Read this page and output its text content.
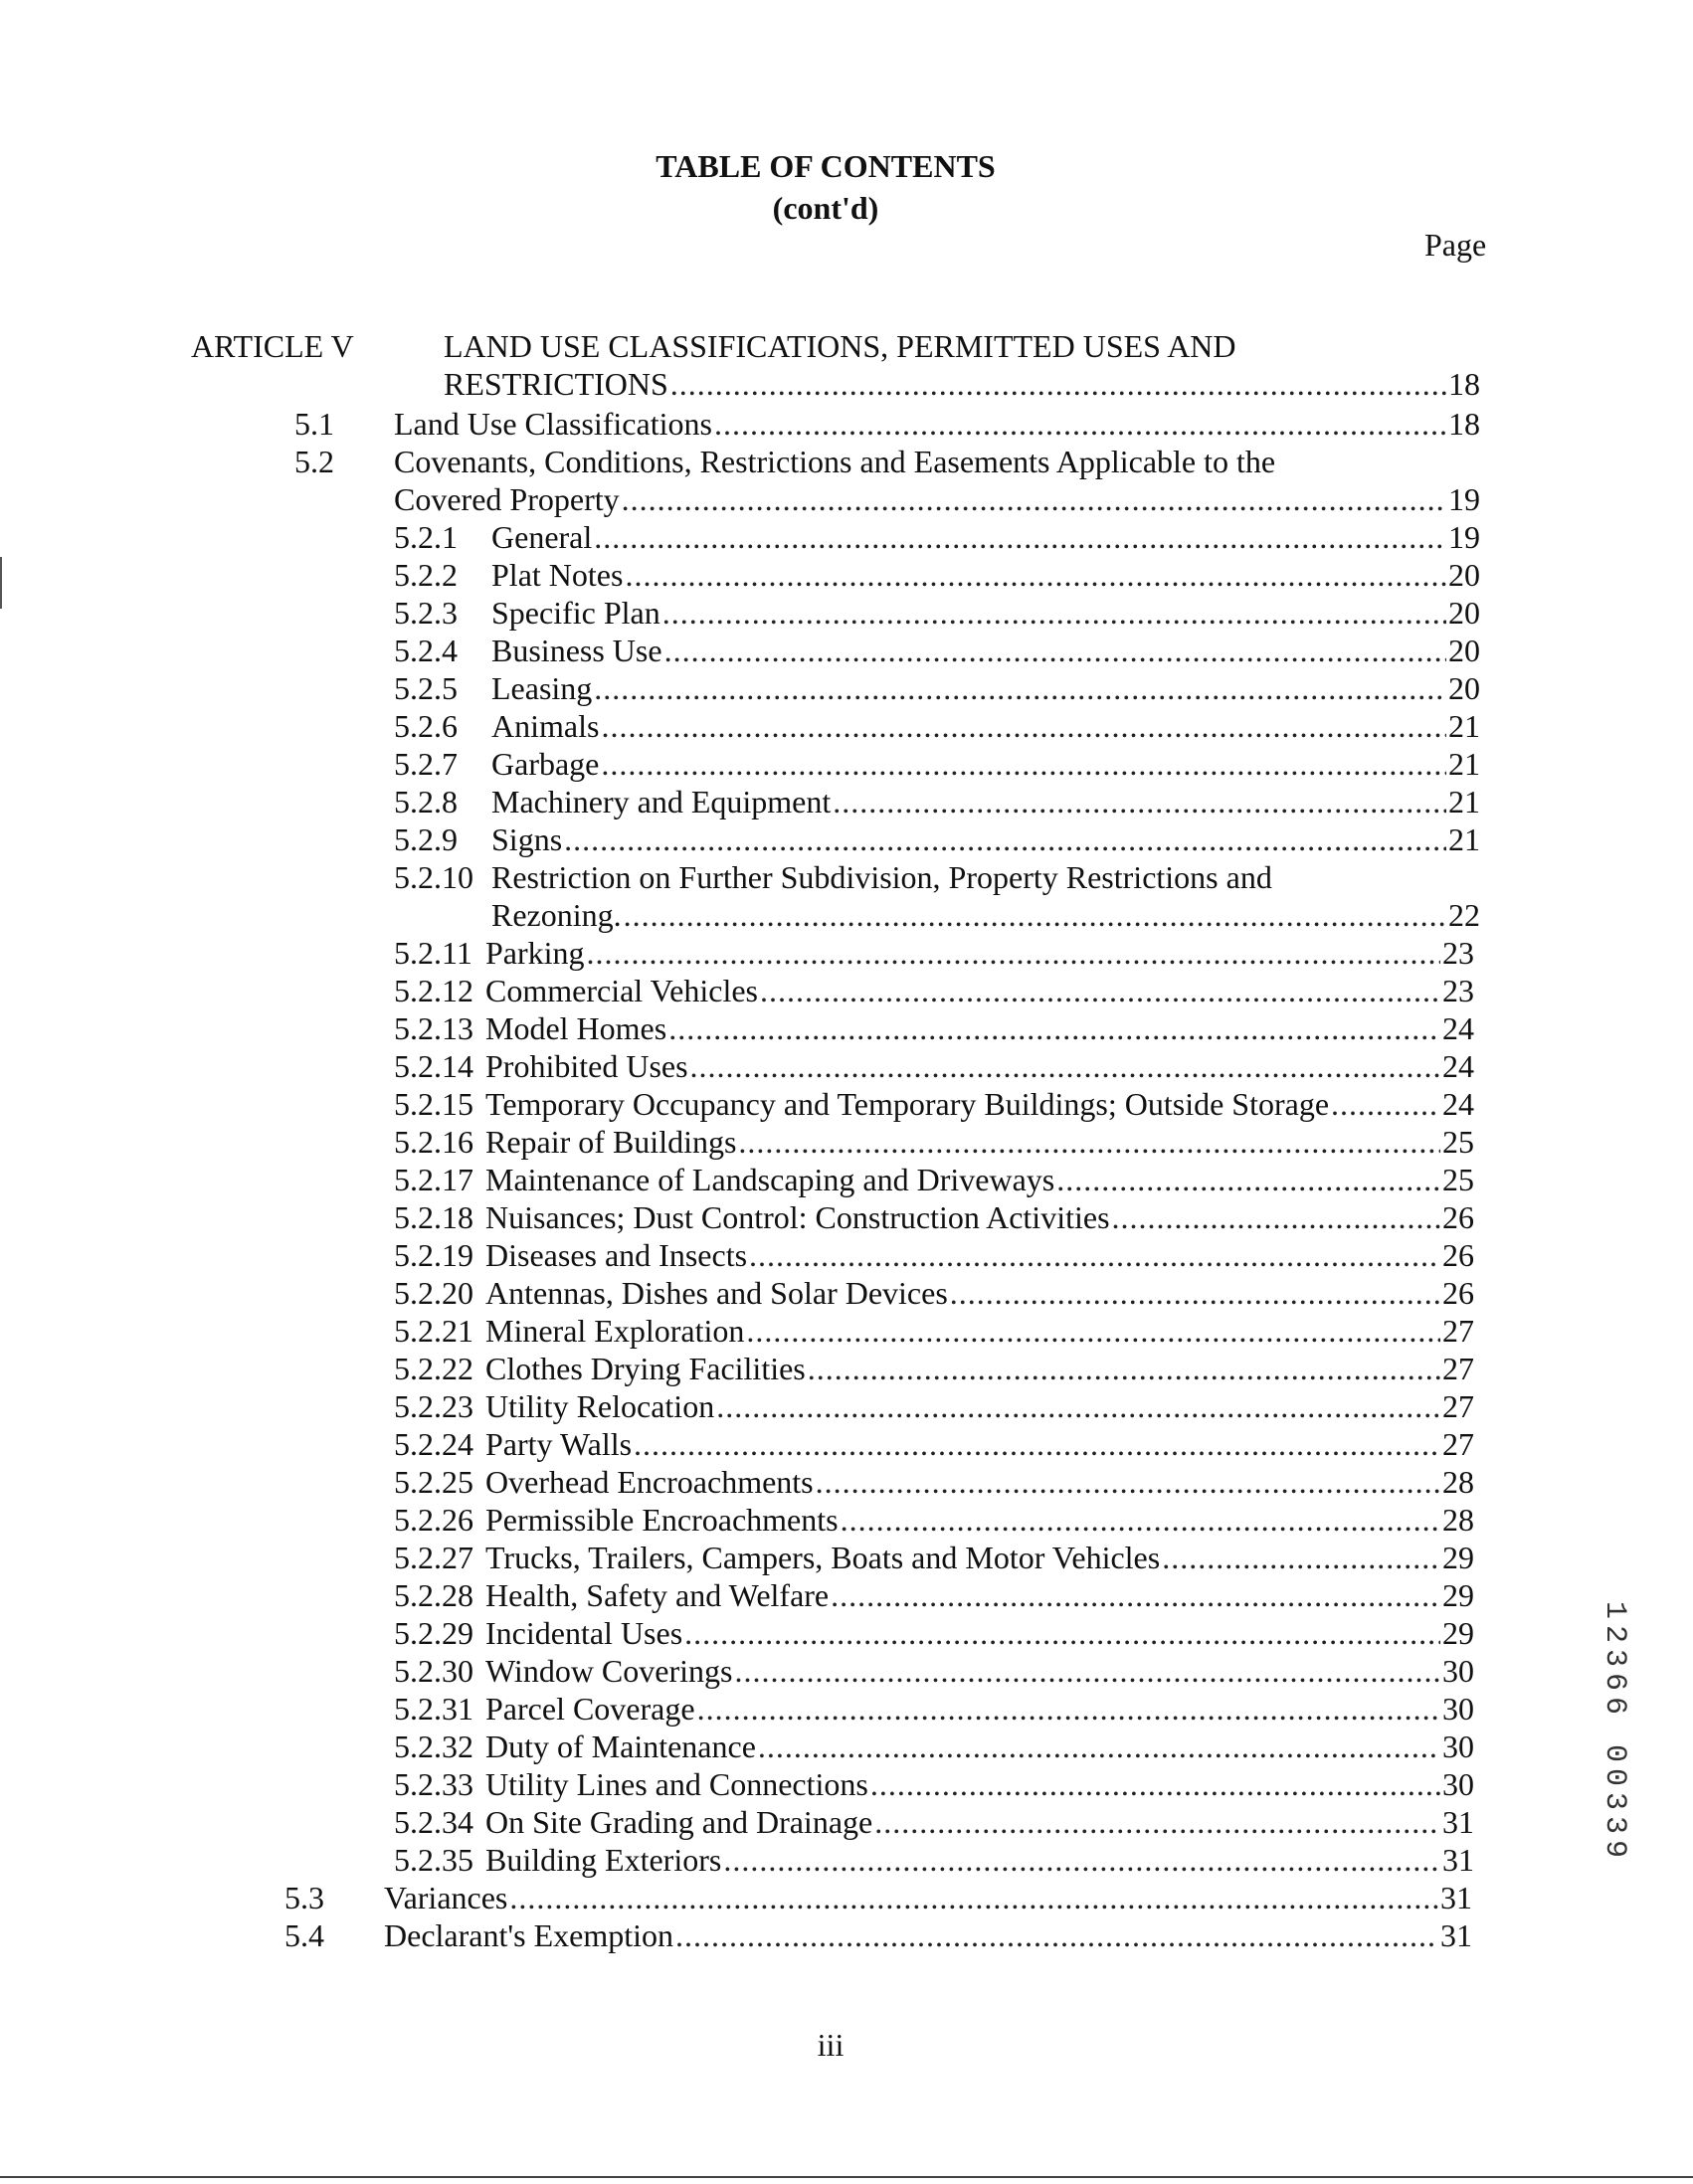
TABLE OF CONTENTS
(cont'd)
Page
ARTICLE V	LAND USE CLASSIFICATIONS, PERMITTED USES AND
RESTRICTIONS .....	18
5.1 Land Use Classifications .....	18
5.2 Covenants, Conditions, Restrictions and Easements Applicable to the
Covered Property .....	19
5.2.1 General .....	19
5.2.2 Plat Notes .....	20
5.2.3 Specific Plan .....	20
5.2.4 Business Use .....	20
5.2.5 Leasing .....	20
5.2.6 Animals .....	21
5.2.7 Garbage .....	21
5.2.8 Machinery and Equipment .....	21
5.2.9 Signs .....	21
5.2.10 Restriction on Further Subdivision, Property Restrictions and
Rezoning. .....	22
5.2.11 Parking .....	23
5.2.12 Commercial Vehicles .....	23
5.2.13 Model Homes .....	24
5.2.14 Prohibited Uses .....	24
5.2.15 Temporary Occupancy and Temporary Buildings; Outside Storage .....	24
5.2.16 Repair of Buildings .....	25
5.2.17 Maintenance of Landscaping and Driveways .....	25
5.2.18 Nuisances; Dust Control: Construction Activities .....	26
5.2.19 Diseases and Insects .....	26
5.2.20 Antennas, Dishes and Solar Devices .....	26
5.2.21 Mineral Exploration .....	27
5.2.22 Clothes Drying Facilities .....	27
5.2.23 Utility Relocation .....	27
5.2.24 Party Walls .....	27
5.2.25 Overhead Encroachments .....	28
5.2.26 Permissible Encroachments .....	28
5.2.27 Trucks, Trailers, Campers, Boats and Motor Vehicles .....	29
5.2.28 Health, Safety and Welfare .....	29
5.2.29 Incidental Uses .....	29
5.2.30 Window Coverings .....	30
5.2.31 Parcel Coverage .....	30
5.2.32 Duty of Maintenance .....	30
5.2.33 Utility Lines and Connections .....	30
5.2.34 On Site Grading and Drainage .....	31
5.2.35 Building Exteriors .....	31
5.3 Variances .....	31
5.4 Declarant's Exemption .....	31
iii
12366 00339
